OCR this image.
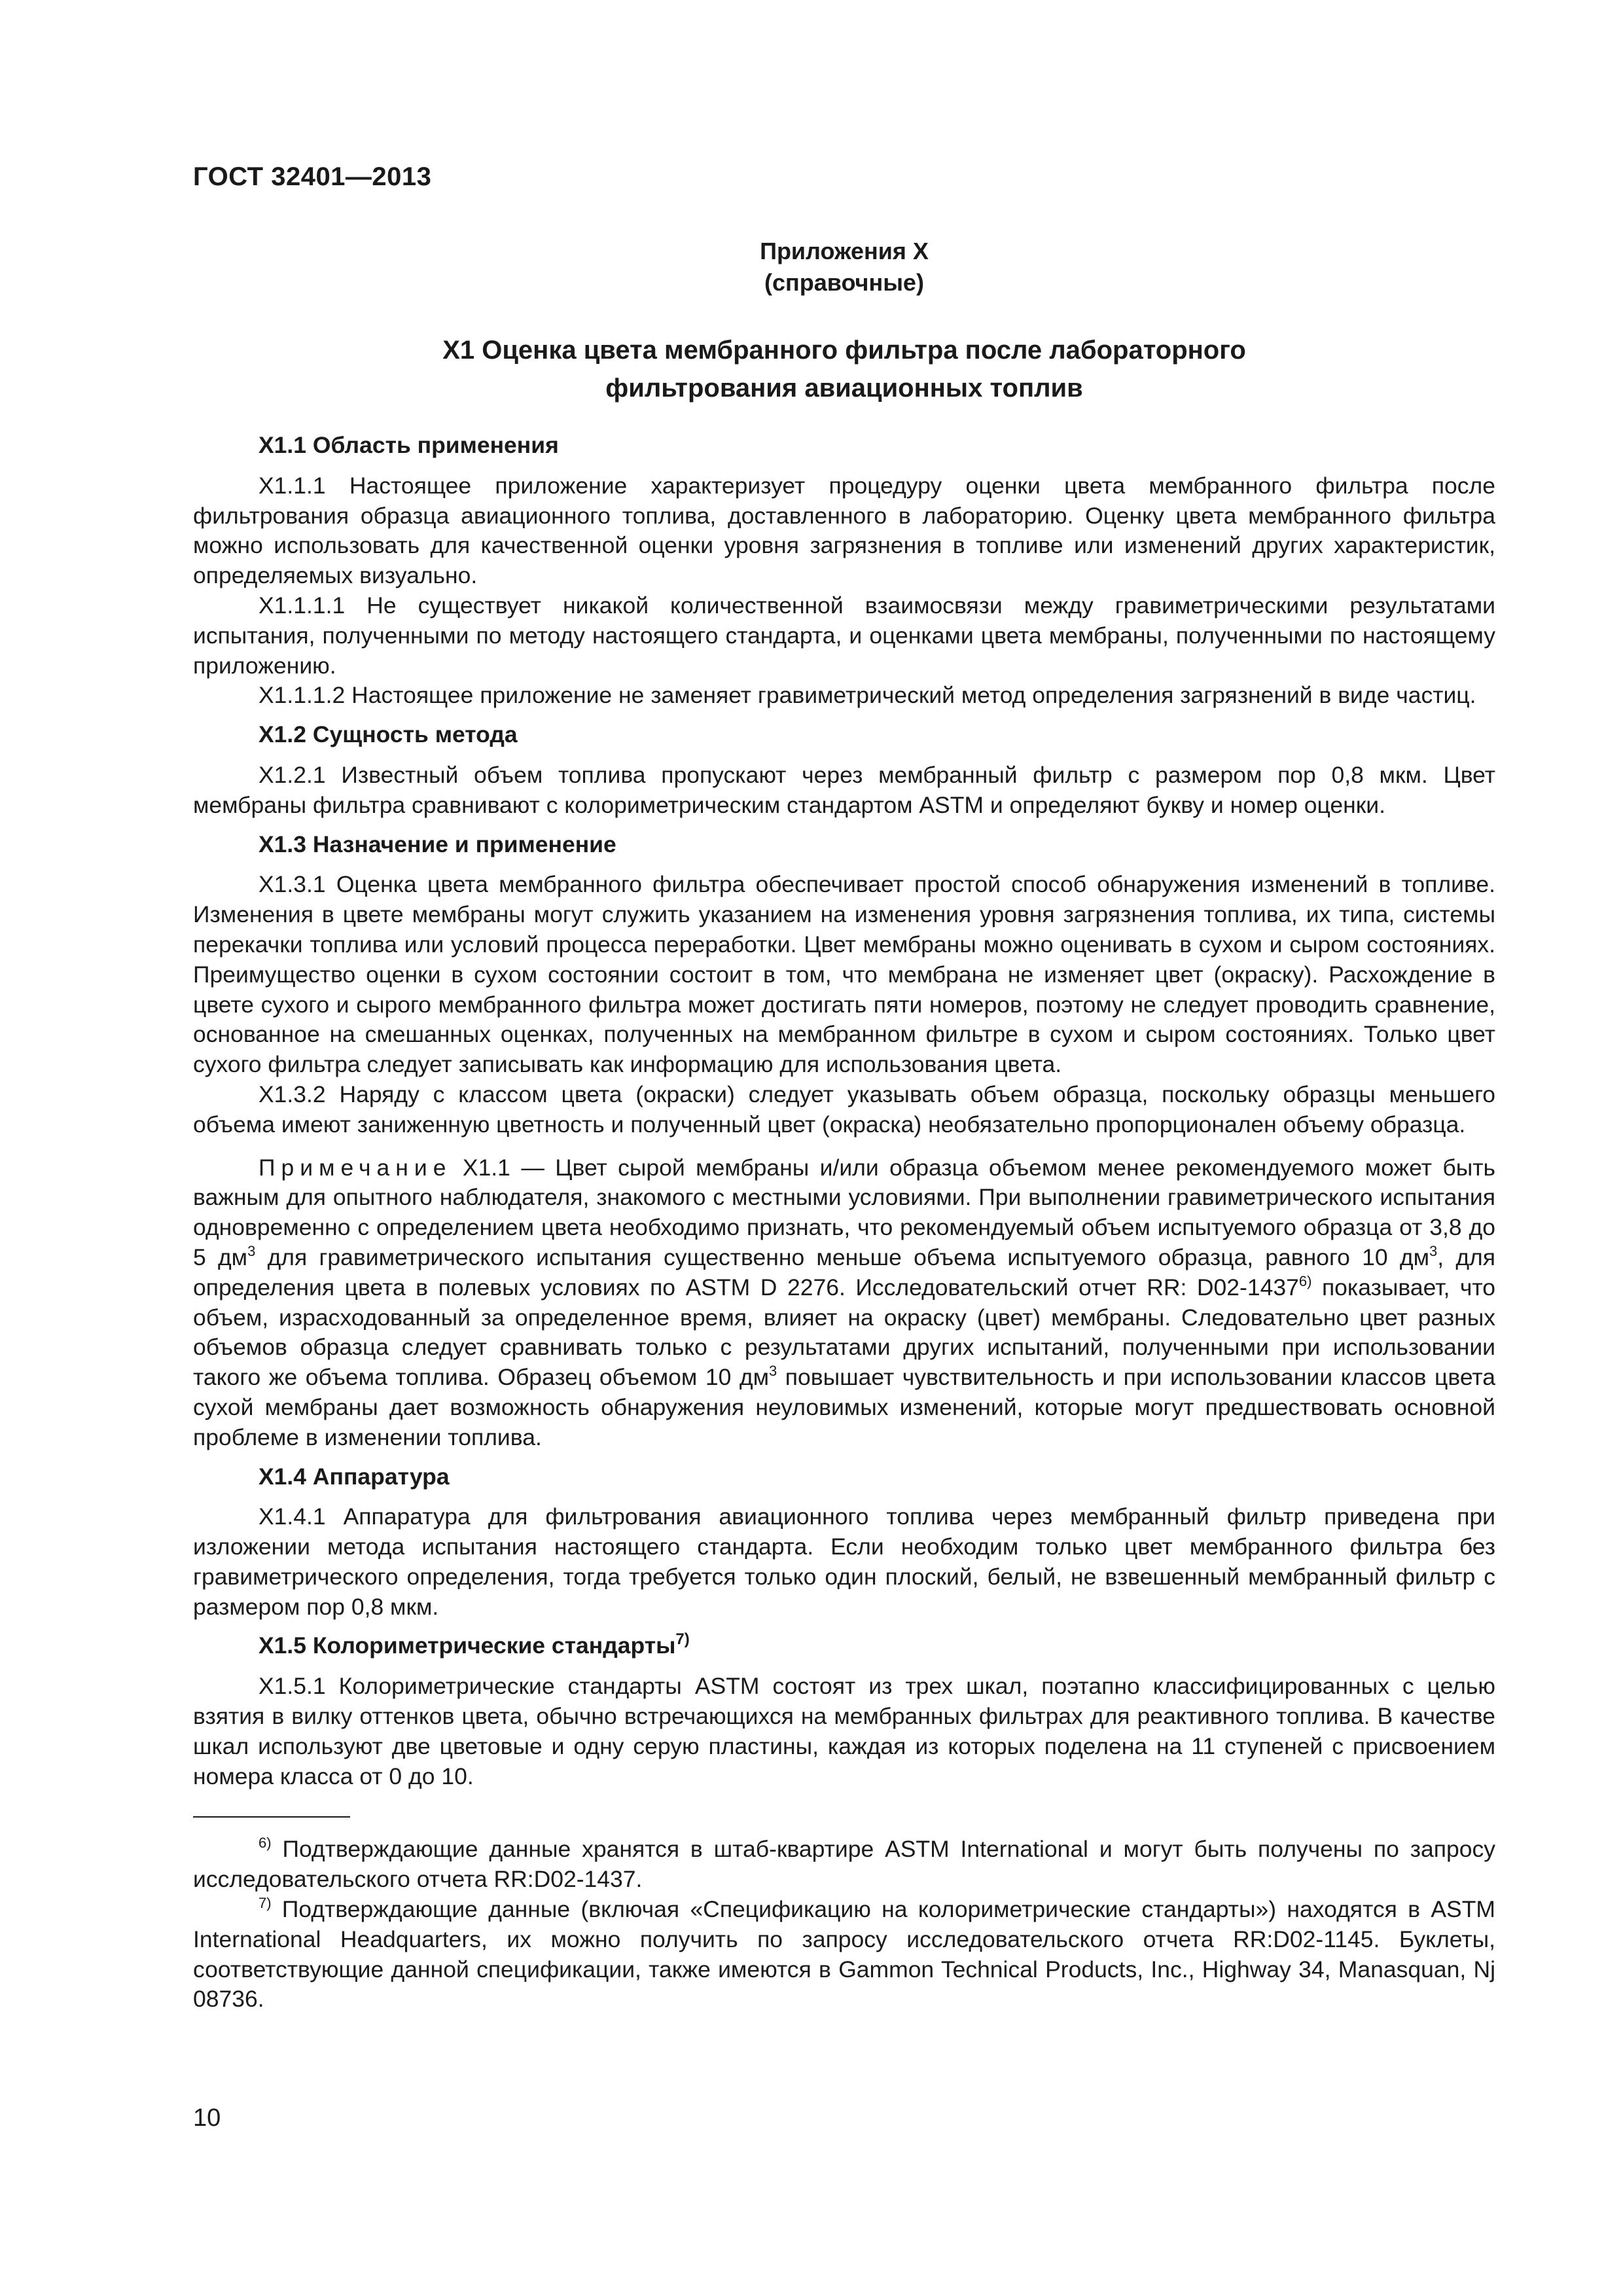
ГОСТ 32401—2013
Приложения X
(справочные)
Х1 Оценка цвета мембранного фильтра после лабораторного
фильтрования авиационных топлив
Х1.1 Область применения

Х1.1.1 Настоящее приложение характеризует процедуру оценки цвета мембранного фильтра после фильтрования образца авиационного топлива, доставленного в лабораторию. Оценку цвета мембранного фильтра можно использовать для качественной оценки уровня загрязнения в топливе или изменений других характеристик, определяемых визуально.

Х1.1.1.1 Не существует никакой количественной взаимосвязи между гравиметрическими результатами испытания, полученными по методу настоящего стандарта, и оценками цвета мембраны, полученными по настоящему приложению.

Х1.1.1.2 Настоящее приложение не заменяет гравиметрический метод определения загрязнений в виде частиц.

Х1.2 Сущность метода

Х1.2.1 Известный объем топлива пропускают через мембранный фильтр с размером пор 0,8 мкм. Цвет мембраны фильтра сравнивают с колориметрическим стандартом ASTM и определяют букву и номер оценки.

Х1.3 Назначение и применение

Х1.3.1 Оценка цвета мембранного фильтра обеспечивает простой способ обнаружения изменений в топливе. Изменения в цвете мембраны могут служить указанием на изменения уровня загрязнения топлива, их типа, системы перекачки топлива или условий процесса переработки. Цвет мембраны можно оценивать в сухом и сыром состояниях. Преимущество оценки в сухом состоянии состоит в том, что мембрана не изменяет цвет (окраску). Расхождение в цвете сухого и сырого мембранного фильтра может достигать пяти номеров, поэтому не следует проводить сравнение, основанное на смешанных оценках, полученных на мембранном фильтре в сухом и сыром состояниях. Только цвет сухого фильтра следует записывать как информацию для использования цвета.

Х1.3.2 Наряду с классом цвета (окраски) следует указывать объем образца, поскольку образцы меньшего объема имеют заниженную цветность и полученный цвет (окраска) необязательно пропорционален объему образца.

Примечание Х1.1 — Цвет сырой мембраны и/или образца объемом менее рекомендуемого может быть важным для опытного наблюдателя, знакомого с местными условиями. При выполнении гравиметрического испытания одновременно с определением цвета необходимо признать, что рекомендуемый объем испытуемого образца от 3,8 до 5 $дм^3$ для гравиметрического испытания существенно меньше объема испытуемого образца, равного 10 $дм^3$, для определения цвета в полевых условиях по ASTM D 2276. Исследовательский отчет RR: D02-1437$^{6)}$ показывает, что объем, израсходованный за определенное время, влияет на окраску (цвет) мембраны. Следовательно цвет разных объемов образца следует сравнивать только с результатами других испытаний, полученными при использовании такого же объема топлива. Образец объемом 10 $дм^3$ повышает чувствительность и при использовании классов цвета сухой мембраны дает возможность обнаружения неуловимых изменений, которые могут предшествовать основной проблеме в изменении топлива.

Х1.4 Аппаратура

Х1.4.1 Аппаратура для фильтрования авиационного топлива через мембранный фильтр приведена при изложении метода испытания настоящего стандарта. Если необходим только цвет мембранного фильтра без гравиметрического определения, тогда требуется только один плоский, белый, не взвешенный мембранный фильтр с размером пор 0,8 мкм.

Х1.5 Колориметрические стандарты$^{7)}$

Х1.5.1 Колориметрические стандарты ASTM состоят из трех шкал, поэтапно классифицированных с целью взятия в вилку оттенков цвета, обычно встречающихся на мембранных фильтрах для реактивного топлива. В качестве шкал используют две цветовые и одну серую пластины, каждая из которых поделена на 11 ступеней с присвоением номера класса от 0 до 10.

$^{6)}$ Подтверждающие данные хранятся в штаб-квартире ASTM International и могут быть получены по запросу исследовательского отчета RR:D02-1437.

$^{7)}$ Подтверждающие данные (включая «Спецификацию на колориметрические стандарты») находятся в ASTM International Headquarters, их можно получить по запросу исследовательского отчета RR:D02-1145. Буклеты, соответствующие данной спецификации, также имеются в Gammon Technical Products, Inc., Highway 34, Manasquan, Nj 08736.

10
